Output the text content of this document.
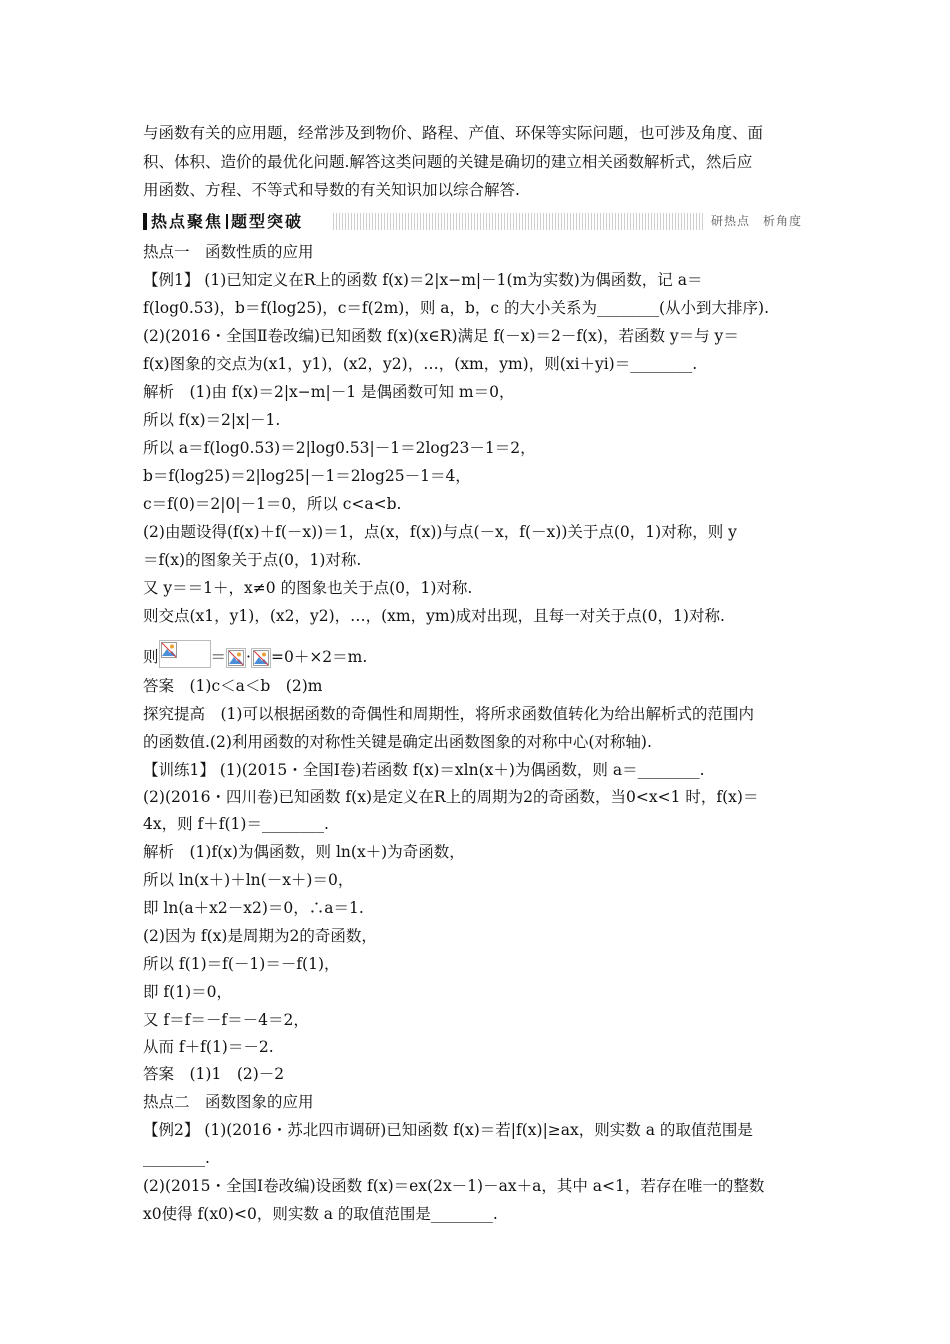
与函数有关的应用题，经常涉及到物价、路程、产值、环保等实际问题，也可涉及角度、面
积、体积、造价的最优化问题.解答这类问题的关键是确切的建立相关函数解析式，然后应
用函数、方程、不等式和导数的有关知识加以综合解答.
热点聚焦 题型突破	研热点　析角度
热点一　函数性质的应用
【例1】 (1)已知定义在R上的函数 f(x)＝2|x−m|－1(m为实数)为偶函数，记 a＝
f(log0.53)，b＝f(log25)，c＝f(2m)，则 a，b，c 的大小关系为________(从小到大排序).
(2)(2016・全国Ⅱ卷改编)已知函数 f(x)(x∈R)满足 f(－x)＝2－f(x)，若函数 y＝与 y＝
f(x)图象的交点为(x1，y1)，(x2，y2)，…，(xm，ym)，则(xi＋yi)＝________.
解析　(1)由 f(x)＝2|x−m|－1 是偶函数可知 m＝0，
所以 f(x)＝2|x|－1.
所以 a＝f(log0.53)＝2|log0.53|－1＝2log23－1＝2，
b＝f(log25)＝2|log25|－1＝2log25－1＝4，
c＝f(0)＝2|0|－1＝0，所以 c<a<b.
(2)由题设得(f(x)＋f(－x))＝1，点(x，f(x))与点(－x，f(－x))关于点(0，1)对称，则 y
＝f(x)的图象关于点(0，1)对称.
又 y＝＝1＋，x≠0 的图象也关于点(0，1)对称.
则交点(x1，y1)，(x2，y2)，…，(xm，ym)成对出现，且每一对关于点(0，1)对称.
则	＝ · =0＋×2＝m.
答案　(1)c＜a＜b　(2)m
探究提高　(1)可以根据函数的奇偶性和周期性，将所求函数值转化为给出解析式的范围内
的函数值.(2)利用函数的对称性关键是确定出函数图象的对称中心(对称轴).
【训练1】 (1)(2015・全国Ⅰ卷)若函数 f(x)＝xln(x＋)为偶函数，则 a＝________.
(2)(2016・四川卷)已知函数 f(x)是定义在R上的周期为2的奇函数，当0<x<1 时，f(x)＝
4x，则 f＋f(1)＝________.
解析　(1)f(x)为偶函数，则 ln(x＋)为奇函数，
所以 ln(x＋)＋ln(－x＋)＝0，
即 ln(a＋x2－x2)＝0，∴a＝1.
(2)因为 f(x)是周期为2的奇函数，
所以 f(1)＝f(－1)＝－f(1)，
即 f(1)＝0，
又 f＝f＝－f＝－4＝2，
从而 f＋f(1)＝－2.
答案　(1)1　(2)－2
热点二　函数图象的应用
【例2】 (1)(2016・苏北四市调研)已知函数 f(x)＝若|f(x)|≥ax，则实数 a 的取值范围是
________.
(2)(2015・全国Ⅰ卷改编)设函数 f(x)＝ex(2x－1)－ax＋a，其中 a<1，若存在唯一的整数
x0使得 f(x0)<0，则实数 a 的取值范围是________.
